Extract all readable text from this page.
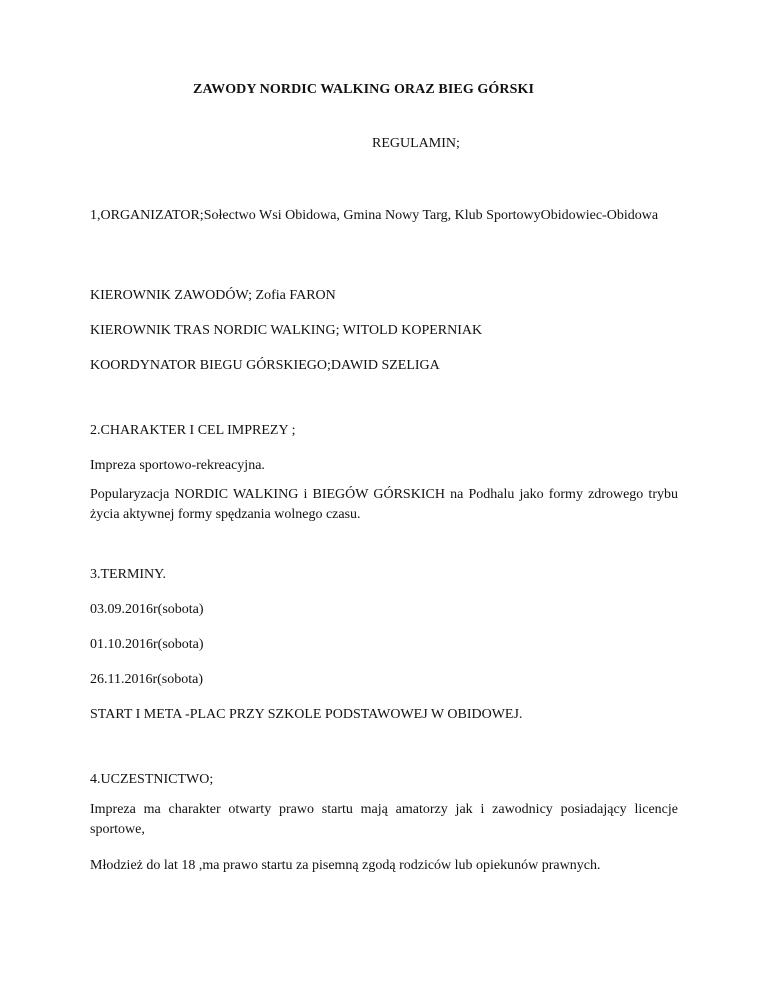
ZAWODY NORDIC WALKING ORAZ BIEG GÓRSKI
REGULAMIN;
1,ORGANIZATOR;Sołectwo Wsi Obidowa, Gmina Nowy Targ, Klub SportowyObidowiec-Obidowa
KIEROWNIK ZAWODÓW; Zofia FARON
KIEROWNIK TRAS NORDIC WALKING; WITOLD KOPERNIAK
KOORDYNATOR BIEGU GÓRSKIEGO;DAWID SZELIGA
2.CHARAKTER I CEL IMPREZY ;
Impreza sportowo-rekreacyjna.
Popularyzacja NORDIC WALKING i BIEGÓW GÓRSKICH na Podhalu jako formy zdrowego trybu życia aktywnej formy spędzania wolnego czasu.
3.TERMINY.
03.09.2016r(sobota)
01.10.2016r(sobota)
26.11.2016r(sobota)
START I META -PLAC PRZY SZKOLE PODSTAWOWEJ W OBIDOWEJ.
4.UCZESTNICTWO;
Impreza ma charakter otwarty prawo startu mają amatorzy jak i zawodnicy posiadający licencje sportowe,
Młodzież do lat 18 ,ma prawo startu za pisemną zgodą rodziców lub opiekunów prawnych.
